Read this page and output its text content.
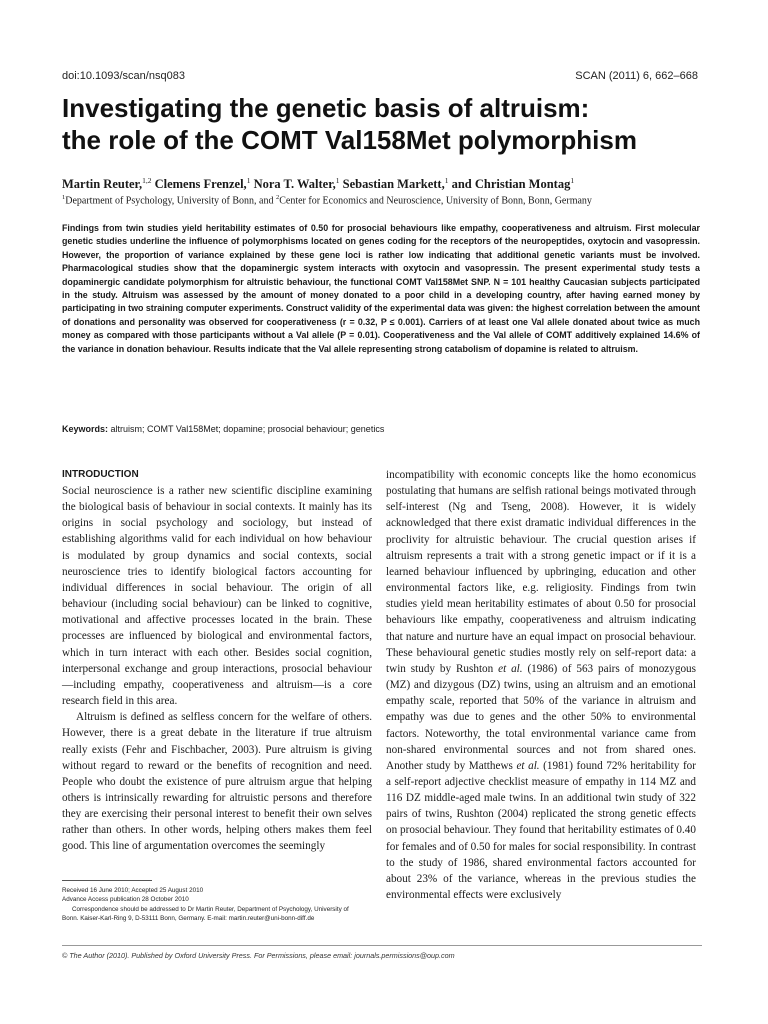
doi:10.1093/scan/nsq083	SCAN (2011) 6, 662–668
Investigating the genetic basis of altruism:
the role of the COMT Val158Met polymorphism
Martin Reuter,$^{1,2}$ Clemens Frenzel,$^1$ Nora T. Walter,$^1$ Sebastian Markett,$^1$ and Christian Montag$^1$
$^1$Department of Psychology, University of Bonn, and $^2$Center for Economics and Neuroscience, University of Bonn, Bonn, Germany
Findings from twin studies yield heritability estimates of 0.50 for prosocial behaviours like empathy, cooperativeness and altruism. First molecular genetic studies underline the influence of polymorphisms located on genes coding for the receptors of the neuropeptides, oxytocin and vasopressin. However, the proportion of variance explained by these gene loci is rather low indicating that additional genetic variants must be involved. Pharmacological studies show that the dopaminergic system interacts with oxytocin and vasopressin. The present experimental study tests a dopaminergic candidate polymorphism for altruistic behaviour, the functional COMT Val158Met SNP. N = 101 healthy Caucasian subjects participated in the study. Altruism was assessed by the amount of money donated to a poor child in a developing country, after having earned money by participating in two straining computer experiments. Construct validity of the experimental data was given: the highest correlation between the amount of donations and personality was observed for cooperativeness (r = 0.32, P ≤ 0.001). Carriers of at least one Val allele donated about twice as much money as compared with those participants without a Val allele (P = 0.01). Cooperativeness and the Val allele of COMT additively explained 14.6% of the variance in donation behaviour. Results indicate that the Val allele representing strong catabolism of dopamine is related to altruism.
Keywords: altruism; COMT Val158Met; dopamine; prosocial behaviour; genetics
INTRODUCTION

Social neuroscience is a rather new scientific discipline examining the biological basis of behaviour in social contexts. It mainly has its origins in social psychology and sociology, but instead of establishing algorithms valid for each individual on how behaviour is modulated by group dynamics and social contexts, social neuroscience tries to identify biological factors accounting for individual differences in social behaviour. The origin of all behaviour (including social behaviour) can be linked to cognitive, motivational and affective processes located in the brain. These processes are influenced by biological and environmental factors, which in turn interact with each other. Besides social cognition, interpersonal exchange and group interactions, prosocial behaviour—including empathy, cooperativeness and altruism—is a core research field in this area.

Altruism is defined as selfless concern for the welfare of others. However, there is a great debate in the literature if true altruism really exists (Fehr and Fischbacher, 2003). Pure altruism is giving without regard to reward or the benefits of recognition and need. People who doubt the existence of pure altruism argue that helping others is intrinsically rewarding for altruistic persons and therefore they are exercising their personal interest to benefit their own selves rather than others. In other words, helping others makes them feel good. This line of argumentation overcomes the seemingly

incompatibility with economic concepts like the homo economicus postulating that humans are selfish rational beings motivated through self-interest (Ng and Tseng, 2008). However, it is widely acknowledged that there exist dramatic individual differences in the proclivity for altruistic behaviour. The crucial question arises if altruism represents a trait with a strong genetic impact or if it is a learned behaviour influenced by upbringing, education and other environmental factors like, e.g. religiosity. Findings from twin studies yield mean heritability estimates of about 0.50 for prosocial behaviours like empathy, cooperativeness and altruism indicating that nature and nurture have an equal impact on prosocial behaviour. These behavioural genetic studies mostly rely on self-report data: a twin study by Rushton et al. (1986) of 563 pairs of monozygous (MZ) and dizygous (DZ) twins, using an altruism and an emotional empathy scale, reported that 50% of the variance in altruism and empathy was due to genes and the other 50% to environmental factors. Noteworthy, the total environmental variance came from non-shared environmental sources and not from shared ones. Another study by Matthews et al. (1981) found 72% heritability for a self-report adjective checklist measure of empathy in 114 MZ and 116 DZ middle-aged male twins. In an additional twin study of 322 pairs of twins, Rushton (2004) replicated the strong genetic effects on prosocial behaviour. They found that heritability estimates of 0.40 for females and of 0.50 for males for social responsibility. In contrast to the study of 1986, shared environmental factors accounted for about 23% of the variance, whereas in the previous studies the environmental effects were exclusively

Received 16 June 2010; Accepted 25 August 2010
Advance Access publication 28 October 2010
Correspondence should be addressed to Dr Martin Reuter, Department of Psychology, University of
Bonn. Kaiser-Karl-Ring 9, D-53111 Bonn, Germany. E-mail: martin.reuter@uni-bonn-diff.de
© The Author (2010). Published by Oxford University Press. For Permissions, please email: journals.permissions@oup.com
